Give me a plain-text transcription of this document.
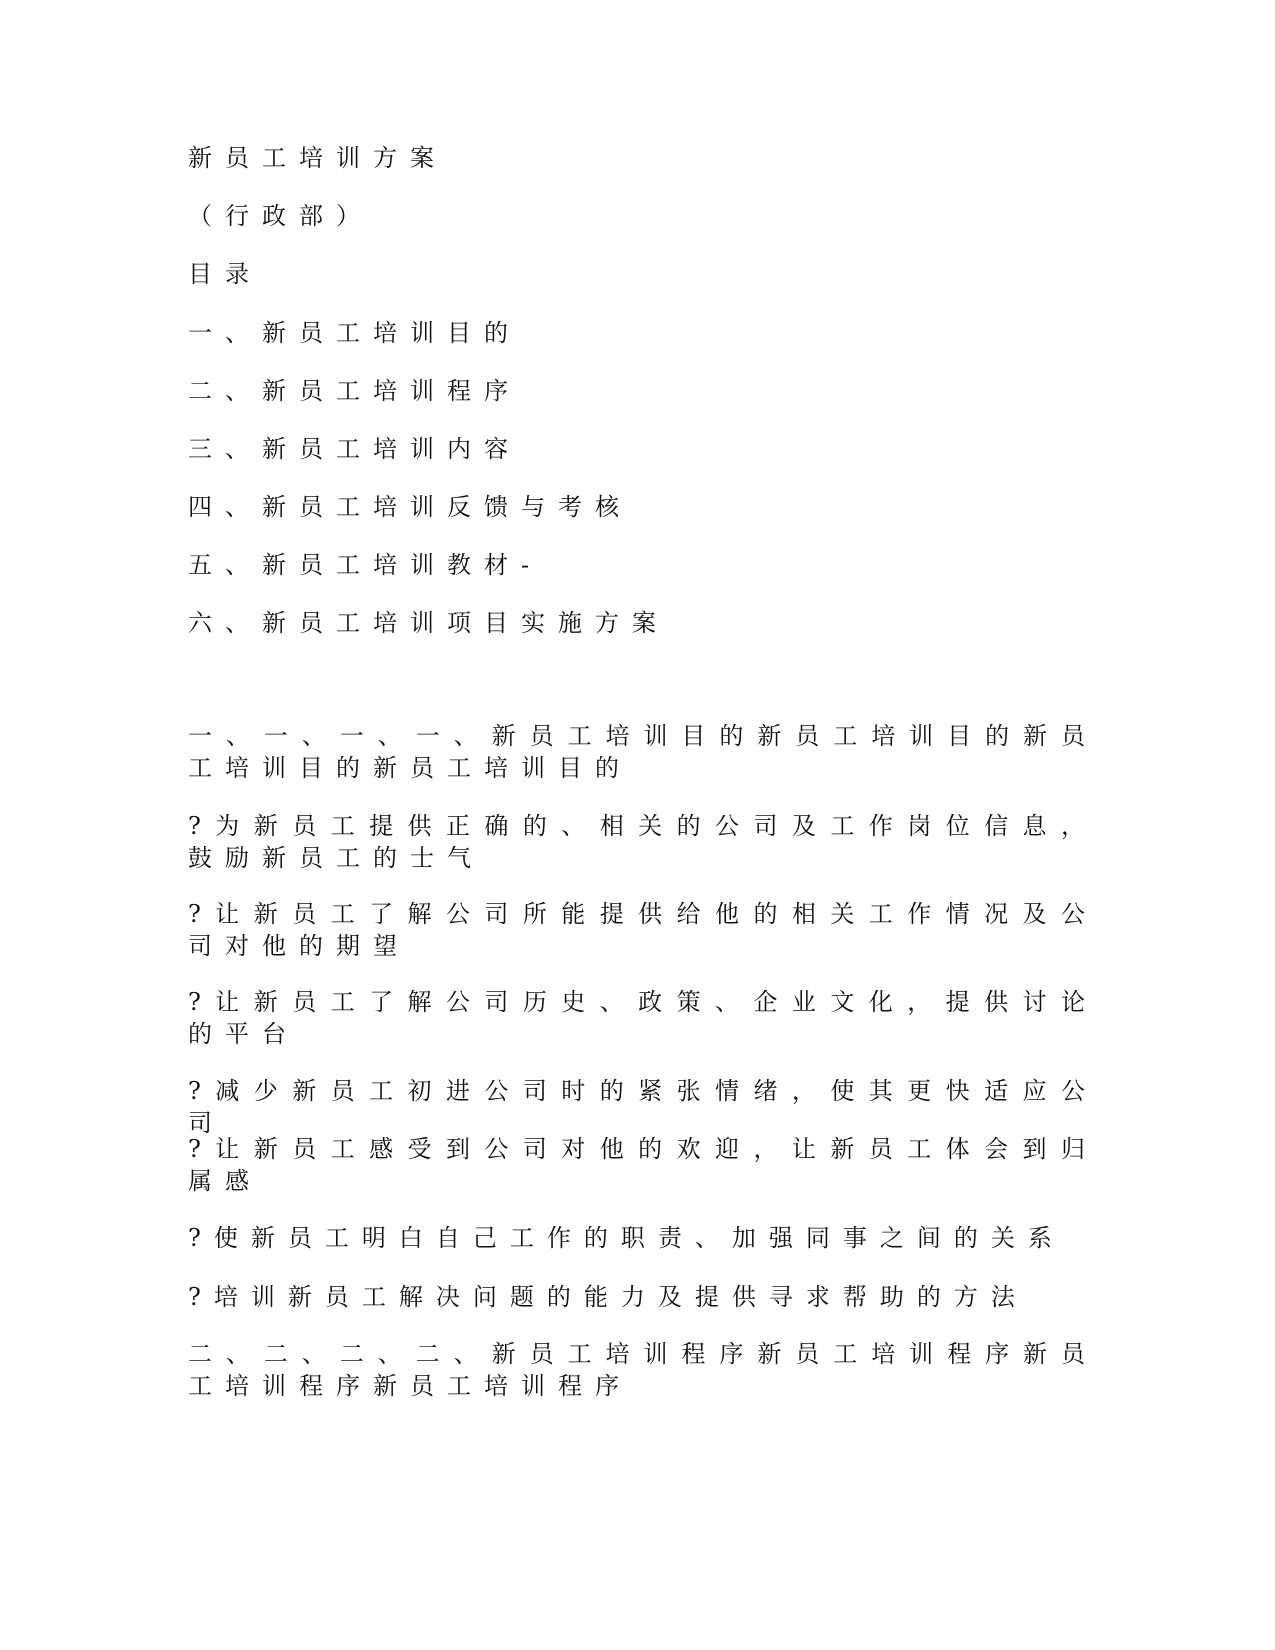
新员工培训方案

（行政部）

目录

一、新员工培训目的

二、新员工培训程序

三、新员工培训内容

四、新员工培训反馈与考核

五、新员工培训教材-

六、新员工培训项目实施方案

一、一、一、一、新员工培训目的新员工培训目的新员工培训目的新员工培训目的

?为新员工提供正确的、相关的公司及工作岗位信息，鼓励新员工的士气

?让新员工了解公司所能提供给他的相关工作情况及公司对他的期望

?让新员工了解公司历史、政策、企业文化，提供讨论的平台

?减少新员工初进公司时的紧张情绪，使其更快适应公司

?让新员工感受到公司对他的欢迎，让新员工体会到归属感

?使新员工明白自己工作的职责、加强同事之间的关系

?培训新员工解决问题的能力及提供寻求帮助的方法

二、二、二、二、新员工培训程序新员工培训程序新员工培训程序新员工培训程序
